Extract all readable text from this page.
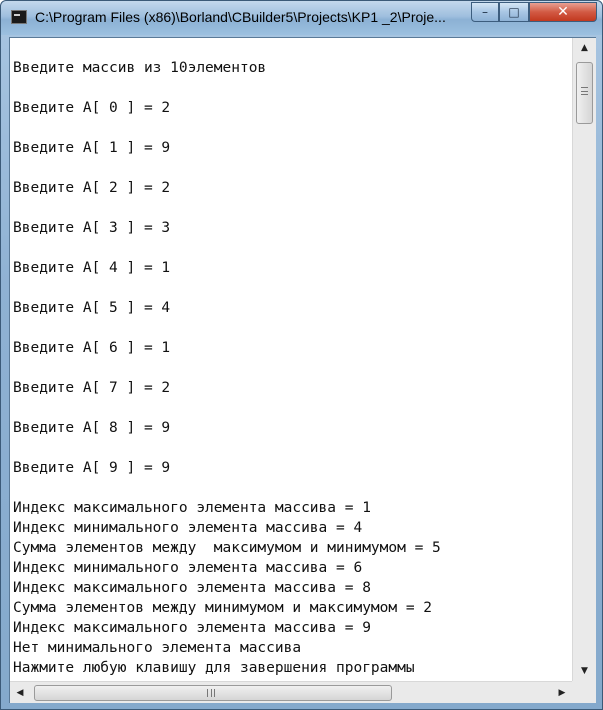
C:\Program Files (x86)\Borland\CBuilder5\Projects\KP1 _2\Proje...	– □	✕
Введите массив из 10элементов
Введите A[ 0 ] = 2
Введите A[ 1 ] = 9
Введите A[ 2 ] = 2
Введите A[ 3 ] = 3
Введите A[ 4 ] = 1
Введите A[ 5 ] = 4
Введите A[ 6 ] = 1
Введите A[ 7 ] = 2
Введите A[ 8 ] = 9
Введите A[ 9 ] = 9
Индекс максимального элемента массива = 1
Индекс минимального элемента массива = 4
Сумма элементов между  максимумом и минимумом = 5
Индекс минимального элемента массива = 6
Индекс максимального элемента массива = 8
Сумма элементов между минимумом и максимумом = 2
Индекс максимального элемента массива = 9
Нет минимального элемента массива
Нажмите любую клавишу для завершения программы
▲
▼
◀	▶
